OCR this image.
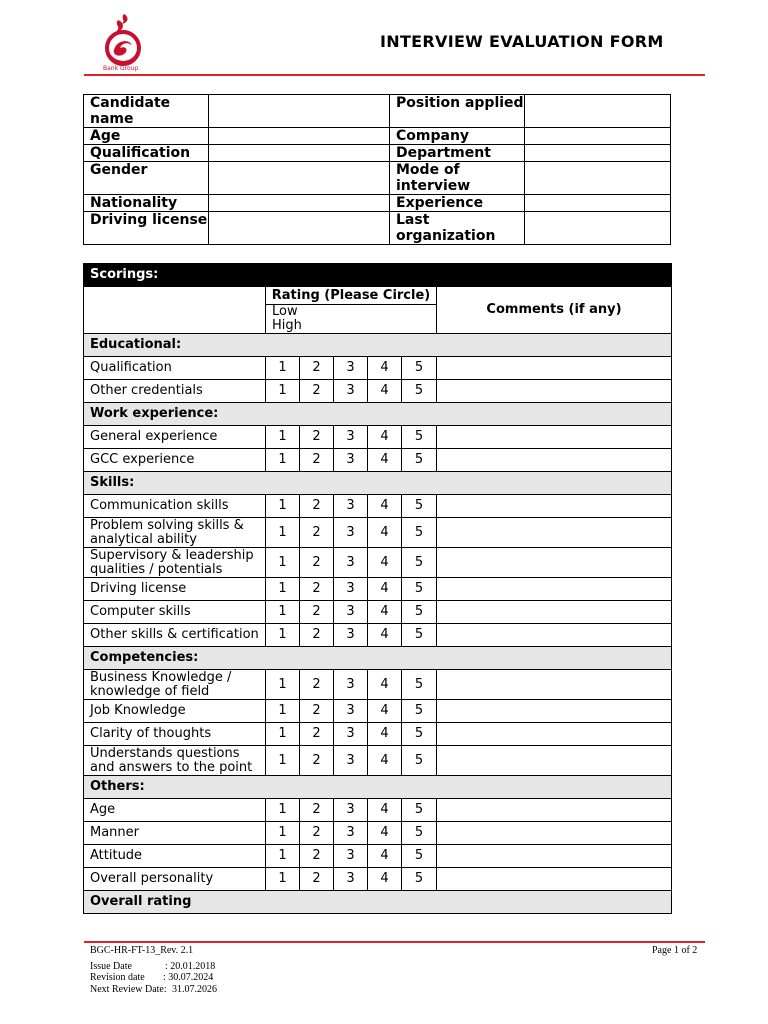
Bank Group
INTERVIEW EVALUATION FORM
Candidate name		Position applied	
Age		Company	
Qualification		Department	
Gender		Mode of interview	
Nationality		Experience	
Driving license		Last organization	
Scorings:						
	Rating (Please Circle)					Comments (if any)

	Low
High					

Educational:						
Qualification	1	2	3	4	5	
Other credentials	1	2	3	4	5	
Work experience:						
General experience	1	2	3	4	5	
GCC experience	1	2	3	4	5	
Skills:						
Communication skills	1	2	3	4	5	
Problem solving skills & analytical ability	1	2	3	4	5	
Supervisory & leadership qualities / potentials	1	2	3	4	5	
Driving license	1	2	3	4	5	
Computer skills	1	2	3	4	5	
Other skills & certification	1	2	3	4	5	
Competencies:						
Business Knowledge / knowledge of field	1	2	3	4	5	
Job Knowledge	1	2	3	4	5	
Clarity of thoughts	1	2	3	4	5	
Understands questions and answers to the point	1	2	3	4	5	
Others:						
Age	1	2	3	4	5	
Manner	1	2	3	4	5	
Attitude	1	2	3	4	5	
Overall personality	1	2	3	4	5	
Overall rating						
BGC-HR-FT-13_Rev. 2.1	Page 1 of 2
Issue Date	: 20.01.2018
Revision date : 30.07.2024
Next Review Date: 31.07.2026
